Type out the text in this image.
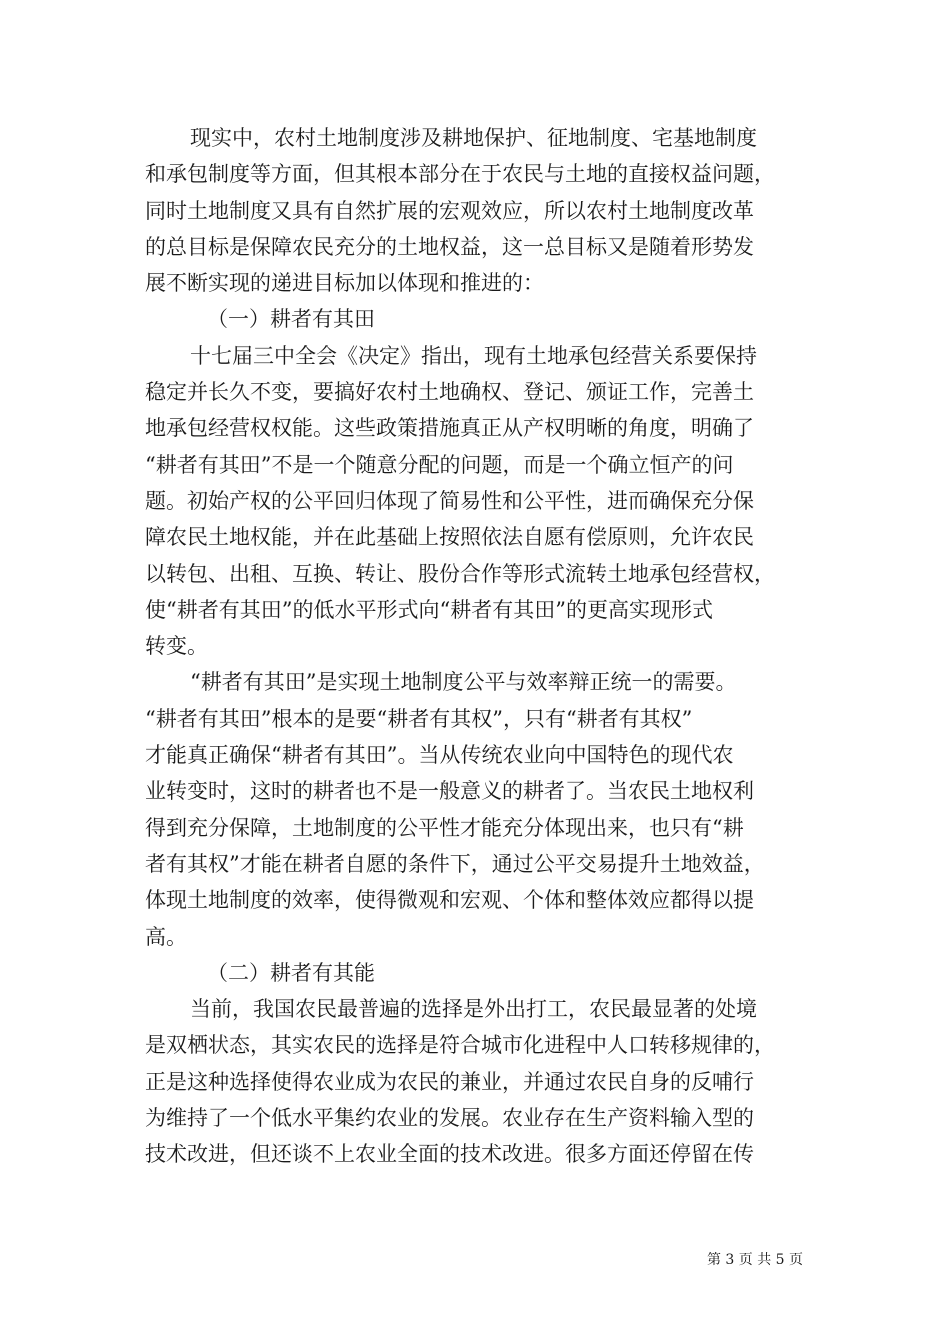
现实中，农村土地制度涉及耕地保护、征地制度、宅基地制度
和承包制度等方面，但其根本部分在于农民与土地的直接权益问题，
同时土地制度又具有自然扩展的宏观效应，所以农村土地制度改革
的总目标是保障农民充分的土地权益，这一总目标又是随着形势发
展不断实现的递进目标加以体现和推进的：
（一）耕者有其田
十七届三中全会《决定》指出，现有土地承包经营关系要保持
稳定并长久不变，要搞好农村土地确权、登记、颁证工作，完善土
地承包经营权权能。这些政策措施真正从产权明晰的角度，明确了
“耕者有其田”不是一个随意分配的问题，而是一个确立恒产的问
题。初始产权的公平回归体现了简易性和公平性，进而确保充分保
障农民土地权能，并在此基础上按照依法自愿有偿原则，允许农民
以转包、出租、互换、转让、股份合作等形式流转土地承包经营权，
使“耕者有其田”的低水平形式向“耕者有其田”的更高实现形式
转变。
“耕者有其田”是实现土地制度公平与效率辩正统一的需要。
“耕者有其田”根本的是要“耕者有其权”，只有“耕者有其权”
才能真正确保“耕者有其田”。当从传统农业向中国特色的现代农
业转变时，这时的耕者也不是一般意义的耕者了。当农民土地权利
得到充分保障，土地制度的公平性才能充分体现出来，也只有“耕
者有其权”才能在耕者自愿的条件下，通过公平交易提升土地效益，
体现土地制度的效率，使得微观和宏观、个体和整体效应都得以提
高。
（二）耕者有其能
当前，我国农民最普遍的选择是外出打工，农民最显著的处境
是双栖状态，其实农民的选择是符合城市化进程中人口转移规律的，
正是这种选择使得农业成为农民的兼业，并通过农民自身的反哺行
为维持了一个低水平集约农业的发展。农业存在生产资料输入型的
技术改进，但还谈不上农业全面的技术改进。很多方面还停留在传
第 3 页 共 5 页
